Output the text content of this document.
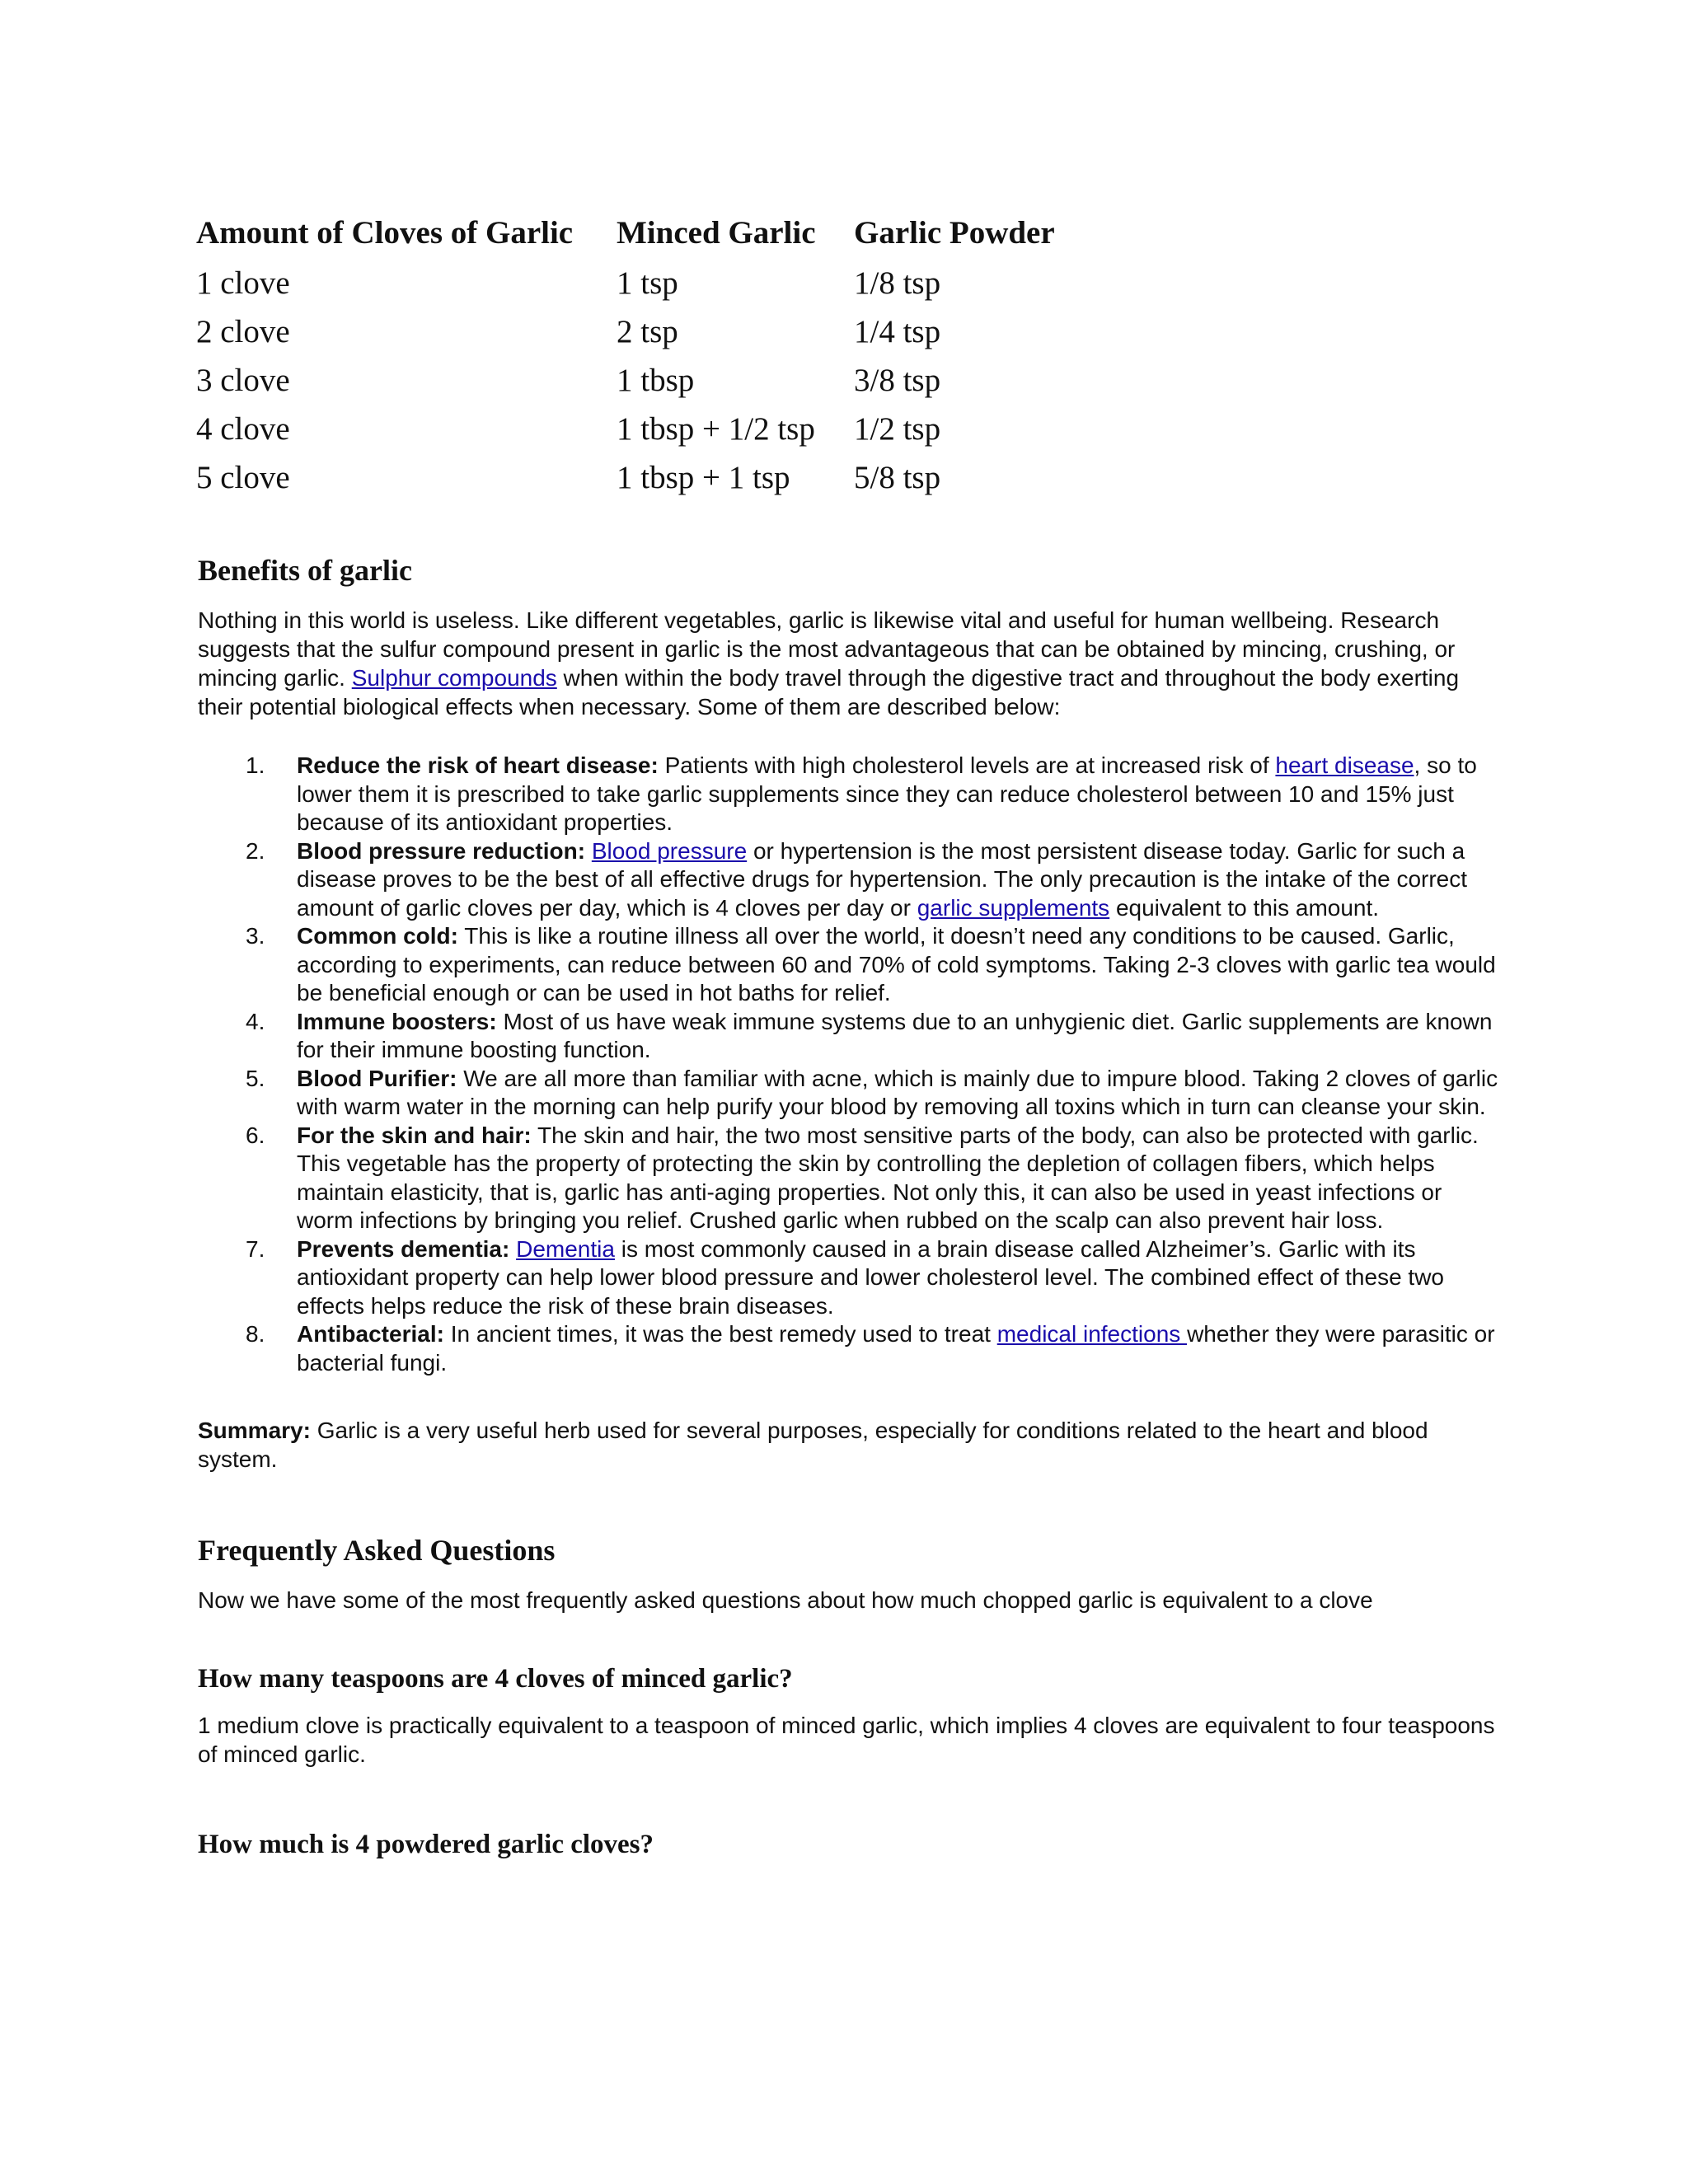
Amount of Cloves of Garlic	Minced Garlic	Garlic Powder
1 clove	1 tsp	1/8 tsp
2 clove	2 tsp	1/4 tsp
3 clove	1 tbsp	3/8 tsp
4 clove	1 tbsp + 1/2 tsp	1/2 tsp
5 clove	1 tbsp + 1 tsp	5/8 tsp
Benefits of garlic

Nothing in this world is useless. Like different vegetables, garlic is likewise vital and useful for human wellbeing. Research suggests that the sulfur compound present in garlic is the most advantageous that can be obtained by mincing, crushing, or mincing garlic. Sulphur compounds when within the body travel through the digestive tract and throughout the body exerting their potential biological effects when necessary. Some of them are described below:

1. Reduce the risk of heart disease: Patients with high cholesterol levels are at increased risk of heart disease, so to lower them it is prescribed to take garlic supplements since they can reduce cholesterol between 10 and 15% just because of its antioxidant properties.
2. Blood pressure reduction: Blood pressure or hypertension is the most persistent disease today. Garlic for such a disease proves to be the best of all effective drugs for hypertension. The only precaution is the intake of the correct amount of garlic cloves per day, which is 4 cloves per day or garlic supplements equivalent to this amount.
3. Common cold: This is like a routine illness all over the world, it doesn’t need any conditions to be caused. Garlic, according to experiments, can reduce between 60 and 70% of cold symptoms. Taking 2-3 cloves with garlic tea would be beneficial enough or can be used in hot baths for relief.
4. Immune boosters: Most of us have weak immune systems due to an unhygienic diet. Garlic supplements are known for their immune boosting function.
5. Blood Purifier: We are all more than familiar with acne, which is mainly due to impure blood. Taking 2 cloves of garlic with warm water in the morning can help purify your blood by removing all toxins which in turn can cleanse your skin.
6. For the skin and hair: The skin and hair, the two most sensitive parts of the body, can also be protected with garlic. This vegetable has the property of protecting the skin by controlling the depletion of collagen fibers, which helps maintain elasticity, that is, garlic has anti-aging properties. Not only this, it can also be used in yeast infections or worm infections by bringing you relief. Crushed garlic when rubbed on the scalp can also prevent hair loss.
7. Prevents dementia: Dementia is most commonly caused in a brain disease called Alzheimer’s. Garlic with its antioxidant property can help lower blood pressure and lower cholesterol level. The combined effect of these two effects helps reduce the risk of these brain diseases.
8. Antibacterial: In ancient times, it was the best remedy used to treat medical infections whether they were parasitic or bacterial fungi.

Summary: Garlic is a very useful herb used for several purposes, especially for conditions related to the heart and blood system.

Frequently Asked Questions

Now we have some of the most frequently asked questions about how much chopped garlic is equivalent to a clove

How many teaspoons are 4 cloves of minced garlic?

1 medium clove is practically equivalent to a teaspoon of minced garlic, which implies 4 cloves are equivalent to four teaspoons of minced garlic.

How much is 4 powdered garlic cloves?
